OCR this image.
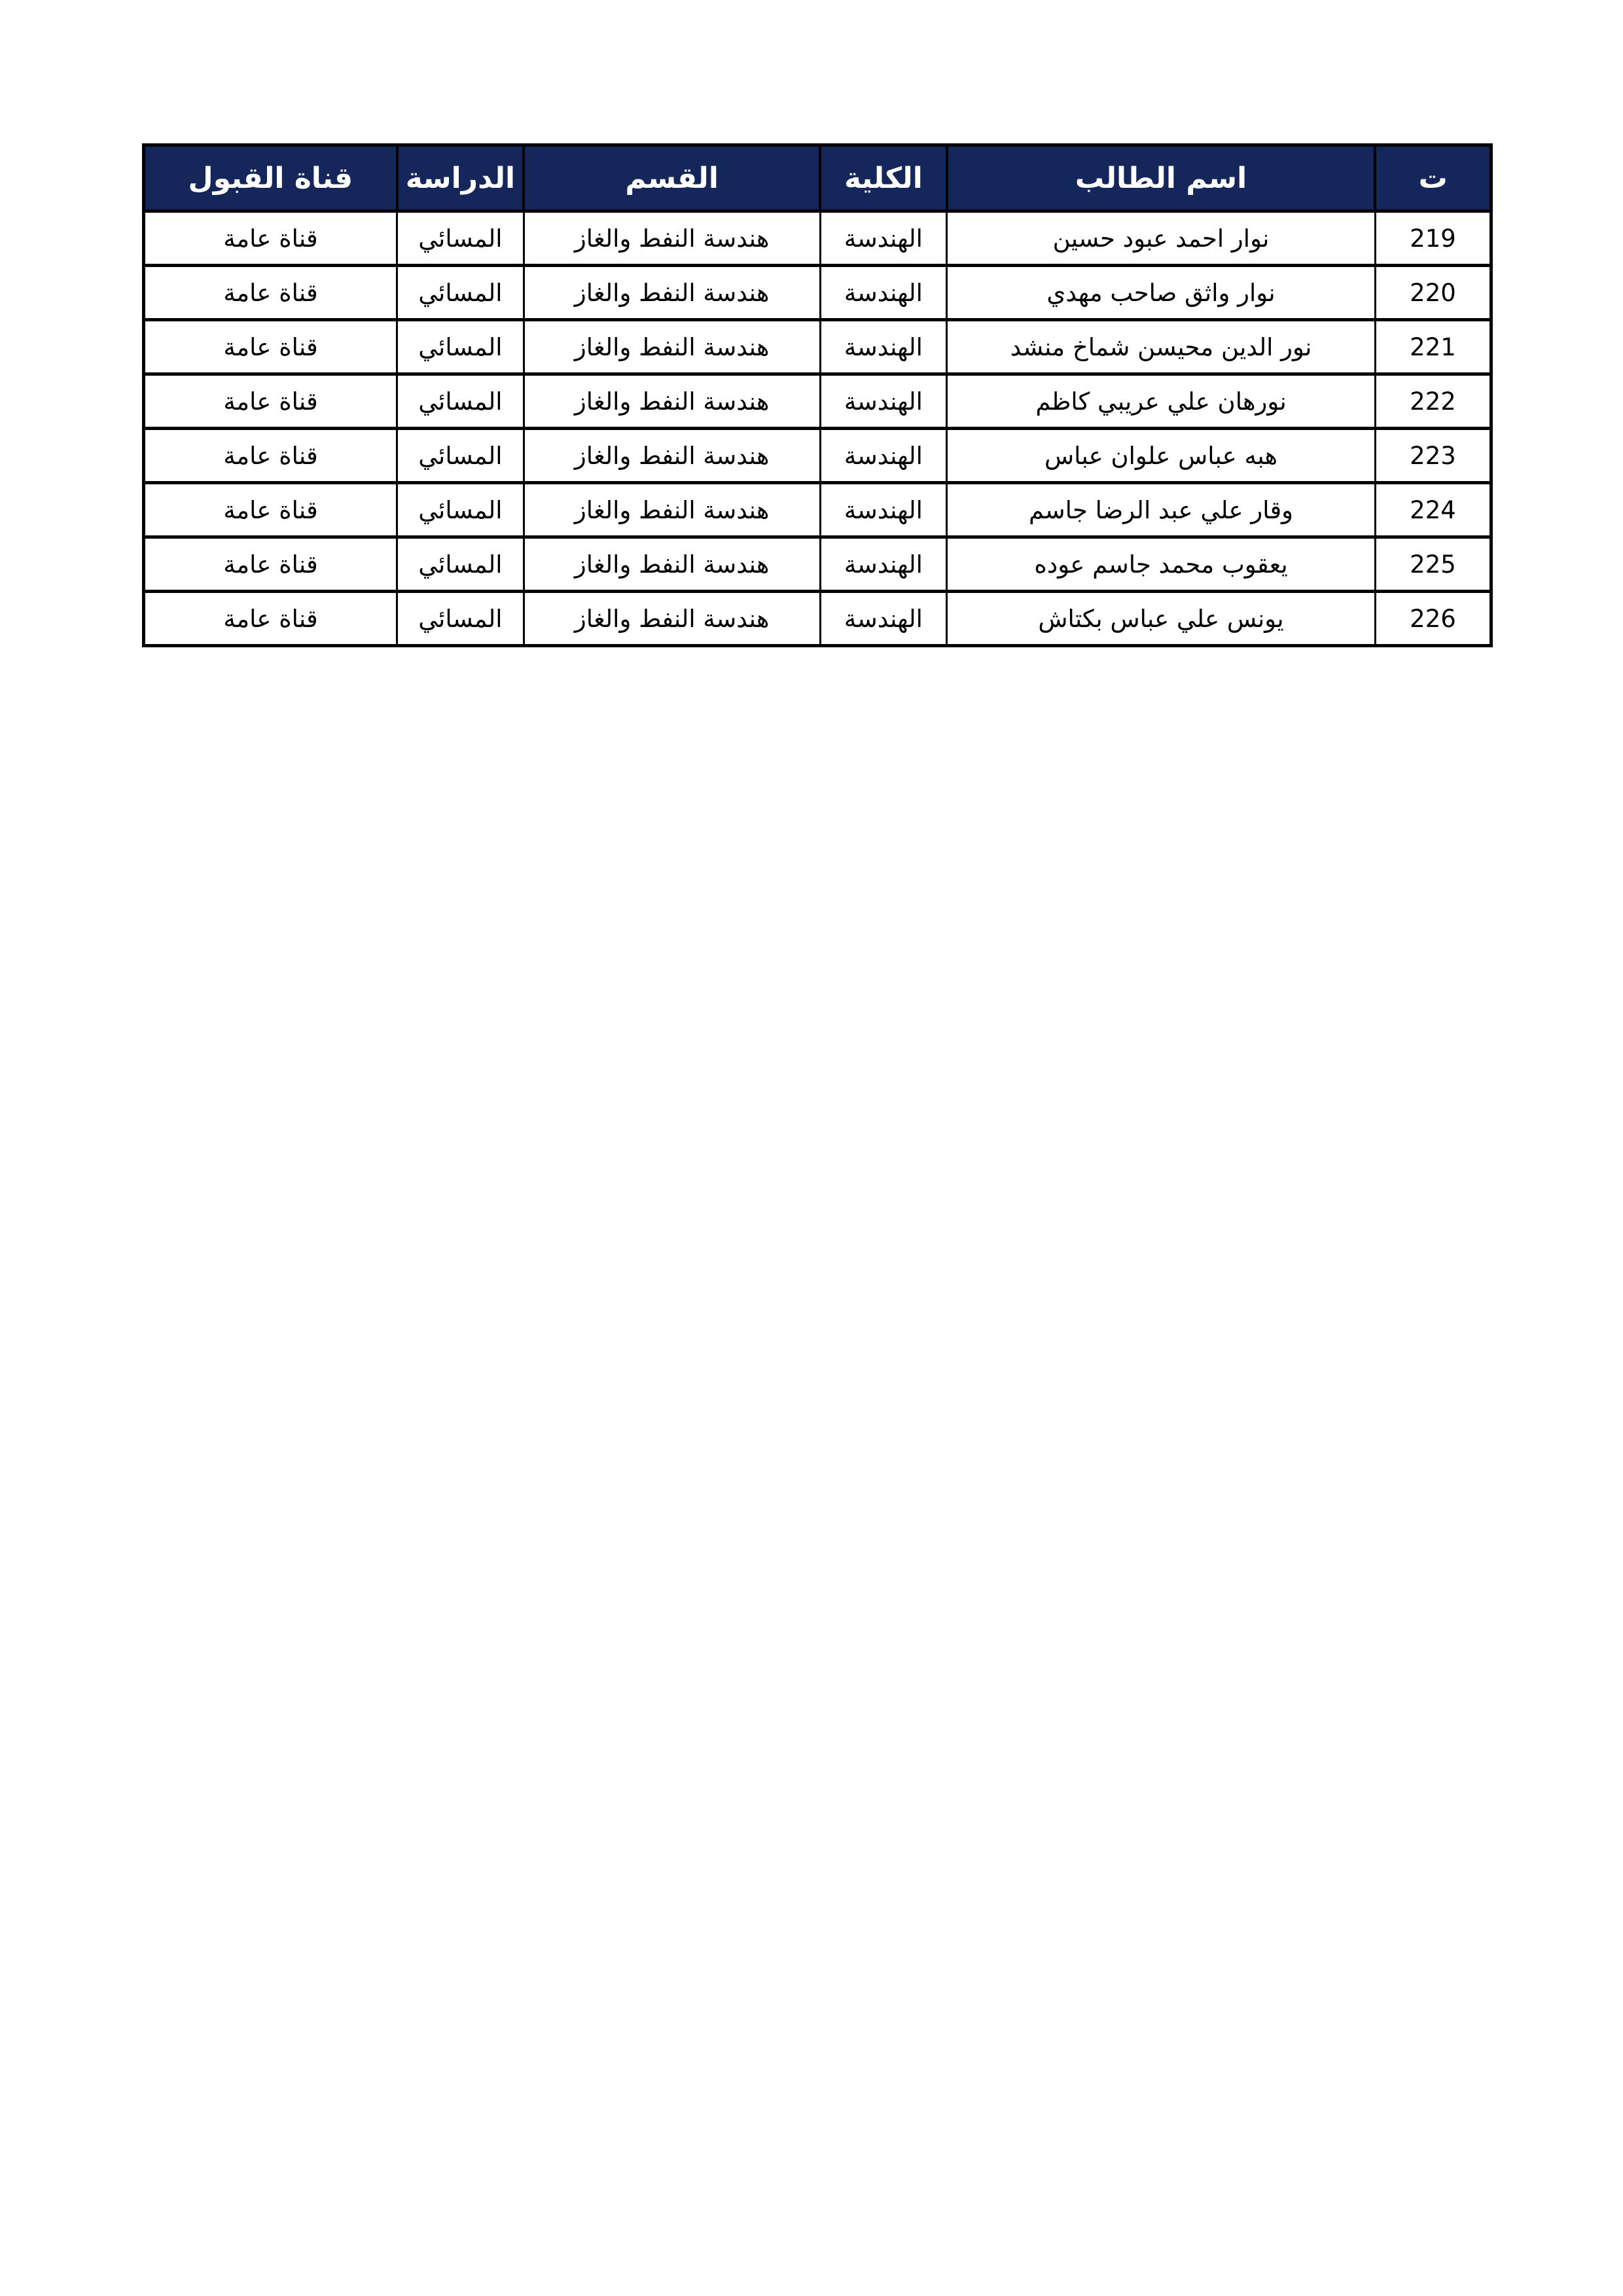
ت	اسم الطالب	الكلية	القسم	الدراسة	قناة القبول
219	نوار احمد عبود حسين	الهندسة	هندسة النفط والغاز	المسائي	قناة عامة
220	نوار واثق صاحب مهدي	الهندسة	هندسة النفط والغاز	المسائي	قناة عامة
221	نور الدين محيسن شماخ منشد	الهندسة	هندسة النفط والغاز	المسائي	قناة عامة
222	نورهان علي عريبي كاظم	الهندسة	هندسة النفط والغاز	المسائي	قناة عامة
223	هبه عباس علوان عباس	الهندسة	هندسة النفط والغاز	المسائي	قناة عامة
224	وقار علي عبد الرضا جاسم	الهندسة	هندسة النفط والغاز	المسائي	قناة عامة
225	يعقوب محمد جاسم عوده	الهندسة	هندسة النفط والغاز	المسائي	قناة عامة
226	يونس علي عباس بكتاش	الهندسة	هندسة النفط والغاز	المسائي	قناة عامة
